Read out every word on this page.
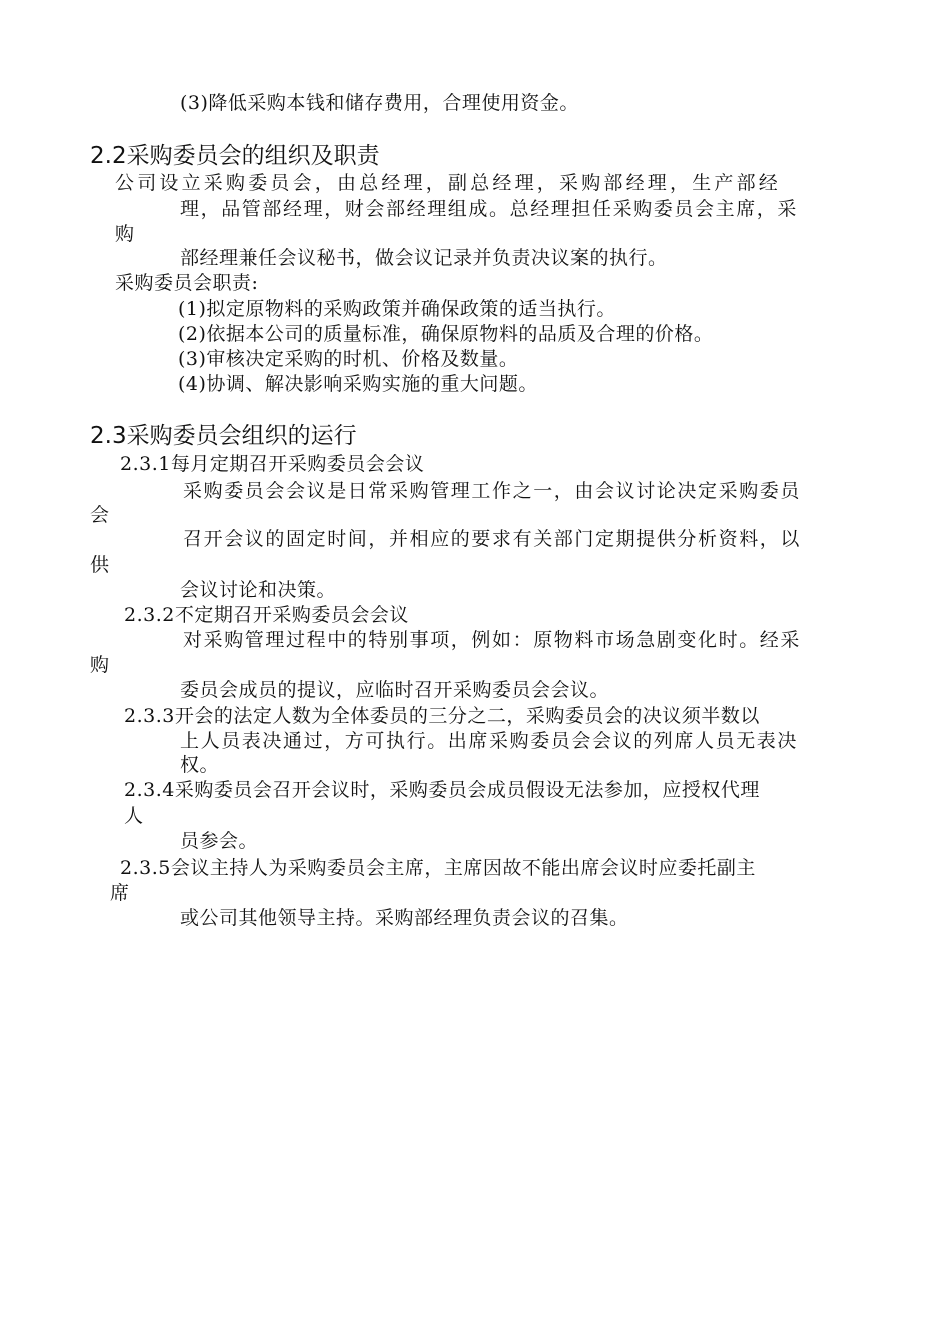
(3)降低采购本钱和储存费用，合理使用资金。
2.2采购委员会的组织及职责
公司设立采购委员会，由总经理，副总经理，采购部经理，生产部经
理，品管部经理，财会部经理组成。总经理担任采购委员会主席，采
购
部经理兼任会议秘书，做会议记录并负责决议案的执行。
采购委员会职责:
(1)拟定原物料的采购政策并确保政策的适当执行。
(2)依据本公司的质量标准，确保原物料的品质及合理的价格。
(3)审核决定采购的时机、价格及数量。
(4)协调、解决影响采购实施的重大问题。
2.3采购委员会组织的运行
2.3.1每月定期召开采购委员会会议
采购委员会会议是日常采购管理工作之一，由会议讨论决定采购委员
会
召开会议的固定时间，并相应的要求有关部门定期提供分析资料，以
供
会议讨论和决策。
2.3.2不定期召开采购委员会会议
对采购管理过程中的特别事项，例如：原物料市场急剧变化时。经采
购
委员会成员的提议，应临时召开采购委员会会议。
2.3.3开会的法定人数为全体委员的三分之二，采购委员会的决议须半数以
上人员表决通过，方可执行。出席采购委员会会议的列席人员无表决
权。
2.3.4采购委员会召开会议时，采购委员会成员假设无法参加，应授权代理
人
员参会。
2.3.5会议主持人为采购委员会主席，主席因故不能出席会议时应委托副主
席
或公司其他领导主持。采购部经理负责会议的召集。
